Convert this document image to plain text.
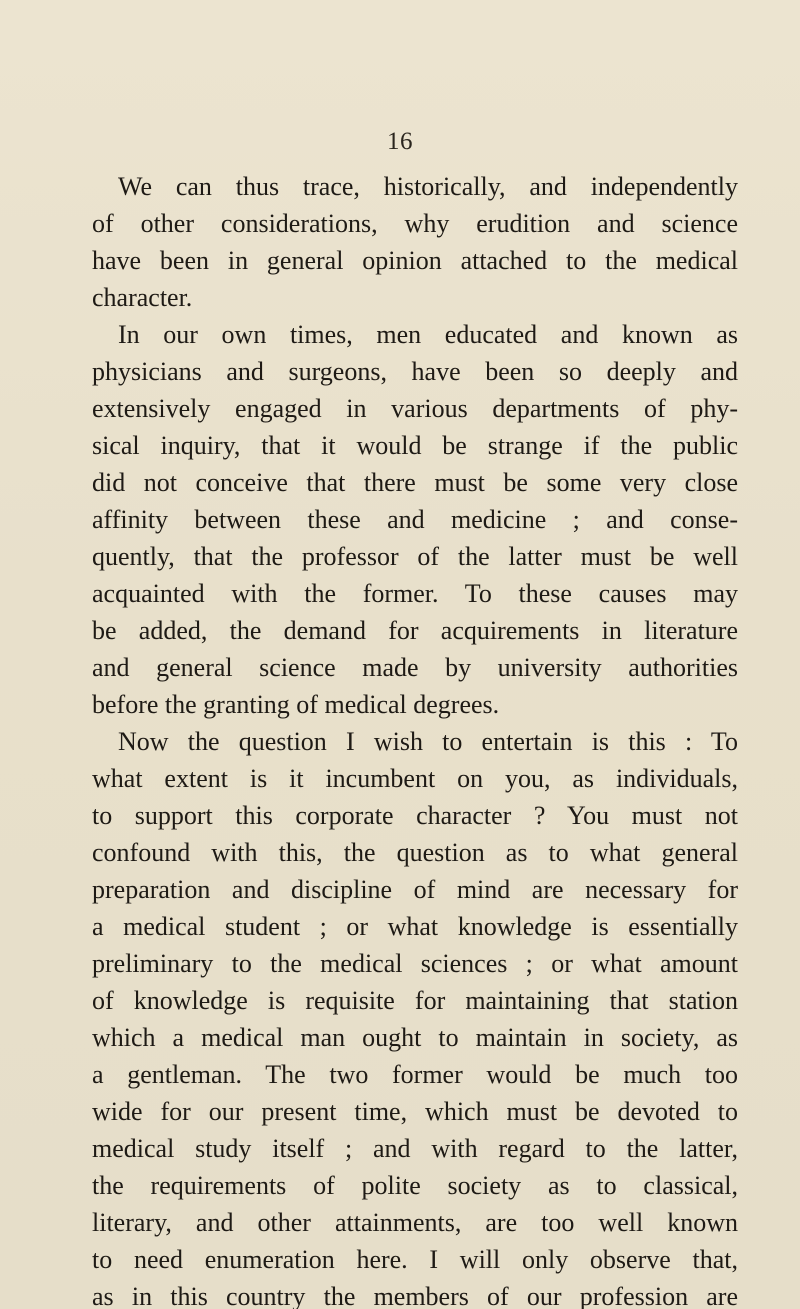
16
We can thus trace, historically, and independently
of other considerations, why erudition and science
have been in general opinion attached to the medical
character.
In our own times, men educated and known as
physicians and surgeons, have been so deeply and
extensively engaged in various departments of phy-
sical inquiry, that it would be strange if the public
did not conceive that there must be some very close
affinity between these and medicine ; and conse-
quently, that the professor of the latter must be well
acquainted with the former. To these causes may
be added, the demand for acquirements in literature
and general science made by university authorities
before the granting of medical degrees.
Now the question I wish to entertain is this : To
what extent is it incumbent on you, as individuals,
to support this corporate character ? You must not
confound with this, the question as to what general
preparation and discipline of mind are necessary for
a medical student ; or what knowledge is essentially
preliminary to the medical sciences ; or what amount
of knowledge is requisite for maintaining that station
which a medical man ought to maintain in society, as
a gentleman. The two former would be much too
wide for our present time, which must be devoted to
medical study itself ; and with regard to the latter,
the requirements of polite society as to classical,
literary, and other attainments, are too well known
to need enumeration here. I will only observe that,
as in this country the members of our profession are
